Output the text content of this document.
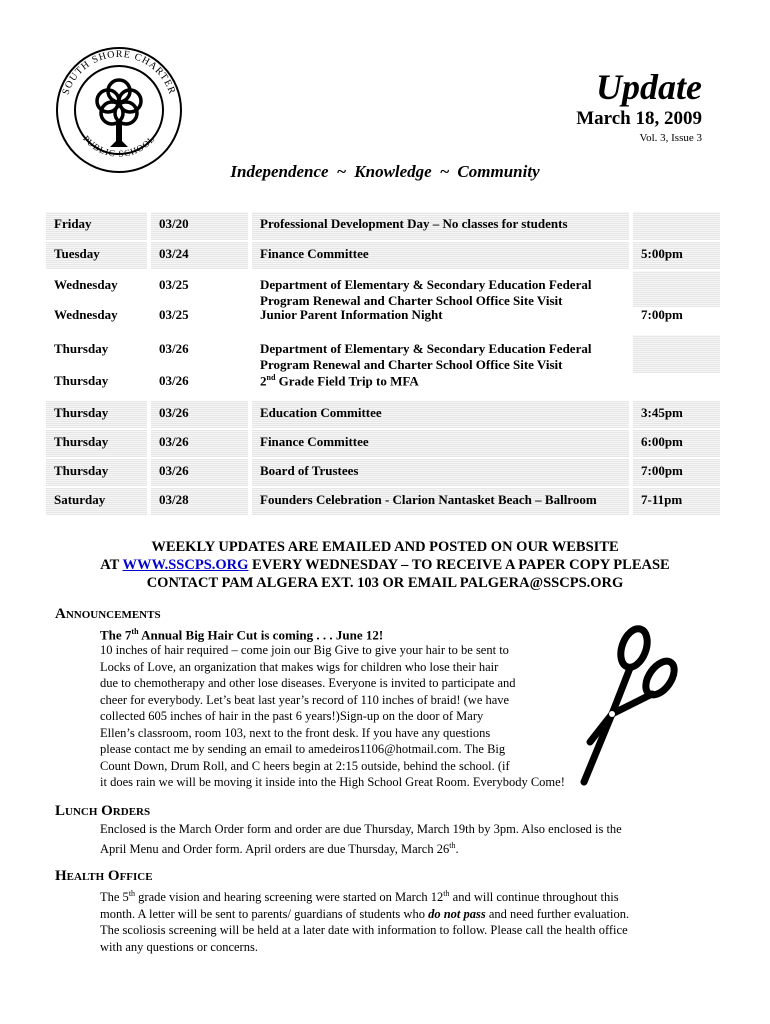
SOUTH SHORE CHARTER
PUBLIC SCHOOL
Update
March 18, 2009
Vol. 3, Issue 3
Independence ~ Knowledge ~ Community
Friday	03/20	Professional Development Day – No classes for students
Tuesday	03/24	Finance Committee	5:00pm
Wednesday	03/25	Department of Elementary & Secondary Education Federal
Program Renewal and Charter School Office Site Visit
Wednesday	03/25	Junior Parent Information Night	7:00pm
Thursday	03/26	Department of Elementary & Secondary Education Federal
Program Renewal and Charter School Office Site Visit
Thursday	03/26	2nd Grade Field Trip to MFA
Thursday	03/26	Education Committee	3:45pm
Thursday	03/26	Finance Committee	6:00pm
Thursday	03/26	Board of Trustees	7:00pm
Saturday	03/28	Founders Celebration - Clarion Nantasket Beach – Ballroom	7-11pm
WEEKLY UPDATES ARE EMAILED AND POSTED ON OUR WEBSITE
AT WWW.SSCPS.ORG EVERY WEDNESDAY – TO RECEIVE A PAPER COPY PLEASE
CONTACT PAM ALGERA EXT. 103 OR EMAIL PALGERA@SSCPS.ORG
Announcements
The 7th Annual Big Hair Cut is coming . . . June 12!
10 inches of hair required – come join our Big Give to give your hair to be sent to
Locks of Love, an organization that makes wigs for children who lose their hair
due to chemotherapy and other lose diseases. Everyone is invited to participate and
cheer for everybody. Let’s beat last year’s record of 110 inches of braid! (we have
collected 605 inches of hair in the past 6 years!)Sign-up on the door of Mary
Ellen’s classroom, room 103, next to the front desk. If you have any questions
please contact me by sending an email to amedeiros1106@hotmail.com. The Big
Count Down, Drum Roll, and C heers begin at 2:15 outside, behind the school. (if
it does rain we will be moving it inside into the High School Great Room. Everybody Come!
Lunch Orders
Enclosed is the March Order form and order are due Thursday, March 19th by 3pm. Also enclosed is the
April Menu and Order form. April orders are due Thursday, March 26th.
Health Office
The 5th grade vision and hearing screening were started on March 12th and will continue throughout this
month. A letter will be sent to parents/ guardians of students who do not pass and need further evaluation.
The scoliosis screening will be held at a later date with information to follow. Please call the health office
with any questions or concerns.
